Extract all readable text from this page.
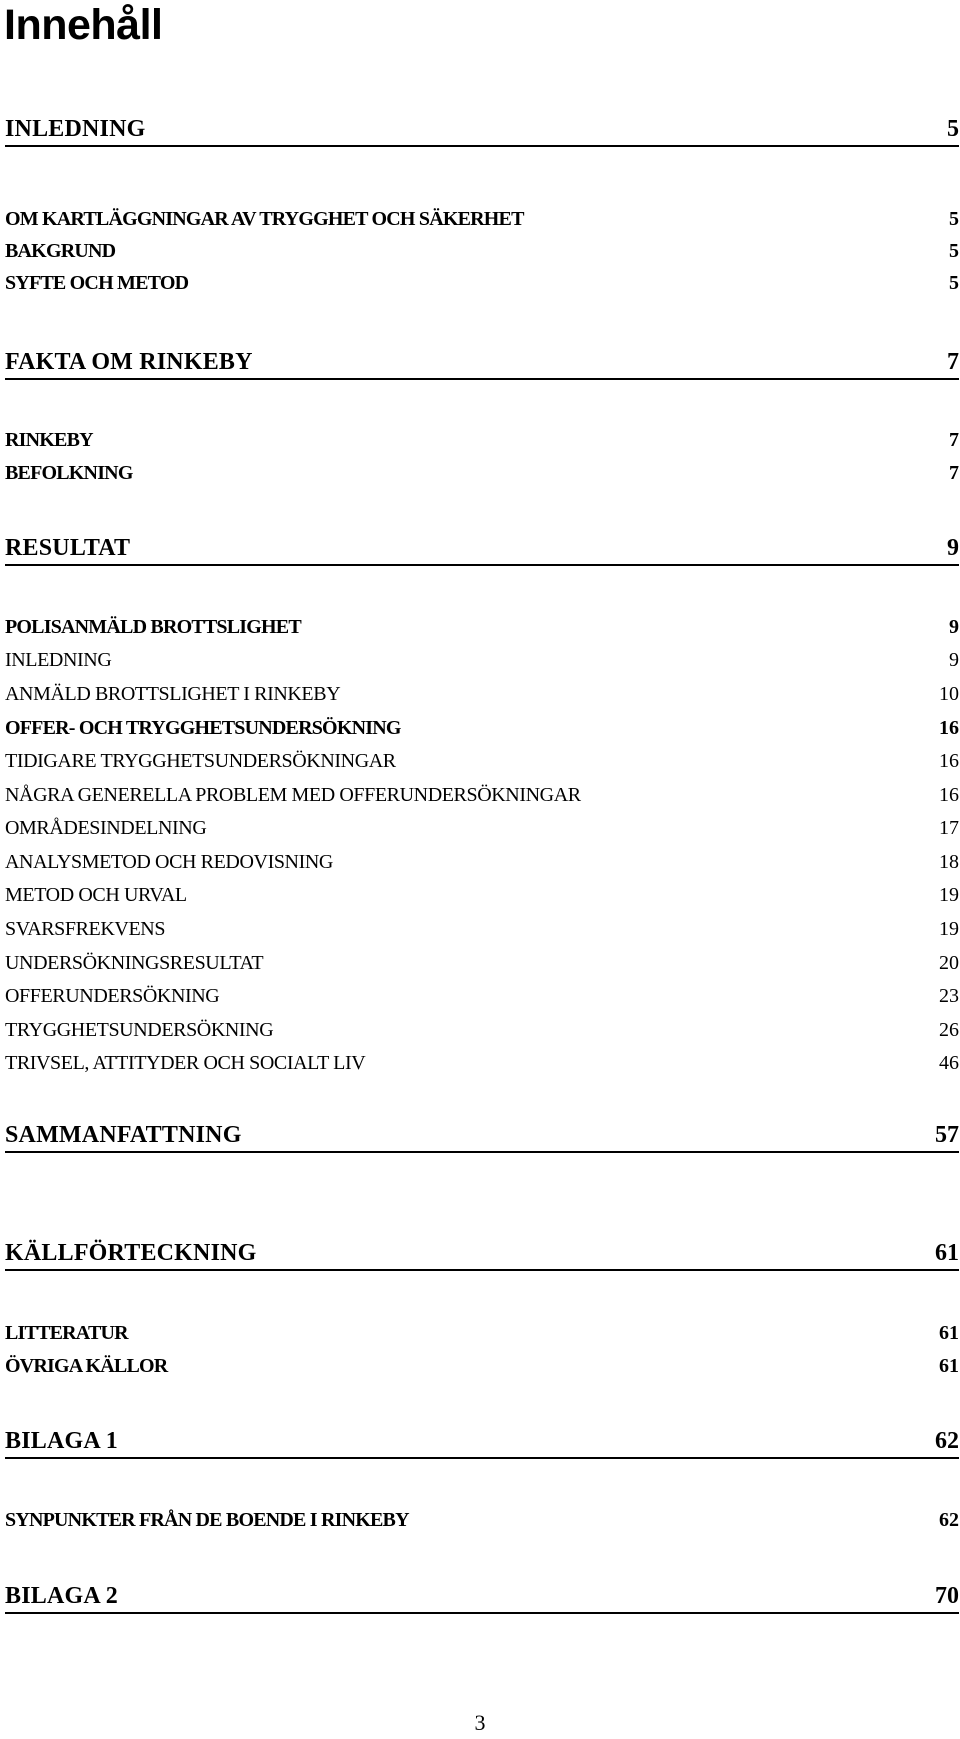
Innehåll
INLEDNING	5
OM KARTLÄGGNINGAR AV TRYGGHET OCH SÄKERHET	5
BAKGRUND	5
SYFTE OCH METOD	5
FAKTA OM RINKEBY	7
RINKEBY	7
BEFOLKNING	7
RESULTAT	9
POLISANMÄLD BROTTSLIGHET	9
INLEDNING	9
ANMÄLD BROTTSLIGHET I RINKEBY	10
OFFER- OCH TRYGGHETSUNDERSÖKNING	16
TIDIGARE TRYGGHETSUNDERSÖKNINGAR	16
NÅGRA GENERELLA PROBLEM MED OFFERUNDERSÖKNINGAR	16
OMRÅDESINDELNING	17
ANALYSMETOD OCH REDOVISNING	18
METOD OCH URVAL	19
SVARSFREKVENS	19
UNDERSÖKNINGSRESULTAT	20
OFFERUNDERSÖKNING	23
TRYGGHETSUNDERSÖKNING	26
TRIVSEL, ATTITYDER OCH SOCIALT LIV	46
SAMMANFATTNING	57
KÄLLFÖRTECKNING	61
LITTERATUR	61
ÖVRIGA KÄLLOR	61
BILAGA 1	62
SYNPUNKTER FRÅN DE BOENDE I RINKEBY	62
BILAGA 2	70
3
